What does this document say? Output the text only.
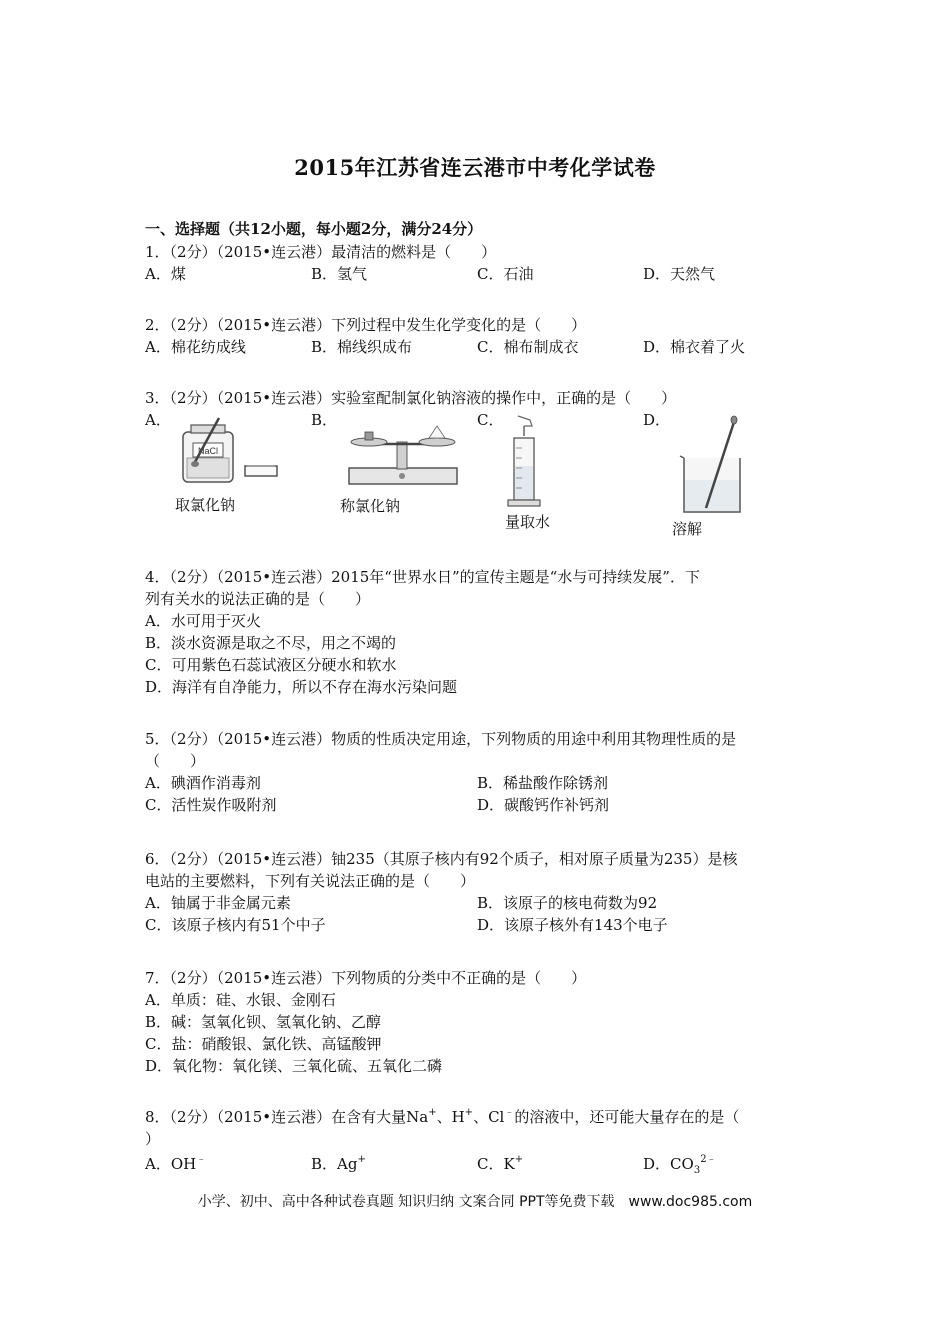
2015年江苏省连云港市中考化学试卷
一、选择题（共12小题，每小题2分，满分24分）
1．（2分）（2015•连云港）最清洁的燃料是（　　）
A．煤	B．氢气	C．石油	D．天然气
2．（2分）（2015•连云港）下列过程中发生化学变化的是（　　）
A．棉花纺成线	B．棉线织成布	C．棉布制成衣	D．棉衣着了火
3．（2分）（2015•连云港）实验室配制氯化钠溶液的操作中，正确的是（　　）
A．	B．	C．	D．
NaCl
取氯化钠	称氯化钠
量取水	溶解
4．（2分）（2015•连云港）2015年“世界水日”的宣传主题是“水与可持续发展”．下
列有关水的说法正确的是（　　）
A．水可用于灭火
B．淡水资源是取之不尽，用之不竭的
C．可用紫色石蕊试液区分硬水和软水
D．海洋有自净能力，所以不存在海水污染问题
5．（2分）（2015•连云港）物质的性质决定用途，下列物质的用途中利用其物理性质的是
（　　）
A．碘酒作消毒剂	B．稀盐酸作除锈剂
C．活性炭作吸附剂	D．碳酸钙作补钙剂
6．（2分）（2015•连云港）铀235（其原子核内有92个质子，相对原子质量为235）是核
电站的主要燃料，下列有关说法正确的是（　　）
A．铀属于非金属元素	B．该原子的核电荷数为92
C．该原子核内有51个中子	D．该原子核外有143个电子
7．（2分）（2015•连云港）下列物质的分类中不正确的是（　　）
A．单质：硅、水银、金刚石
B．碱：氢氧化钡、氢氧化钠、乙醇
C．盐：硝酸银、氯化铁、高锰酸钾
D．氧化物：氧化镁、三氧化硫、五氧化二磷
8．（2分）（2015•连云港）在含有大量Na+、H+、Cl﹣的溶液中，还可能大量存在的是（
）
A．OH﹣	B．Ag+	C．K+	D．$CO_3^{2﹣}$
小学、初中、高中各种试卷真题 知识归纳 文案合同 PPT等免费下载　www.doc985.com
